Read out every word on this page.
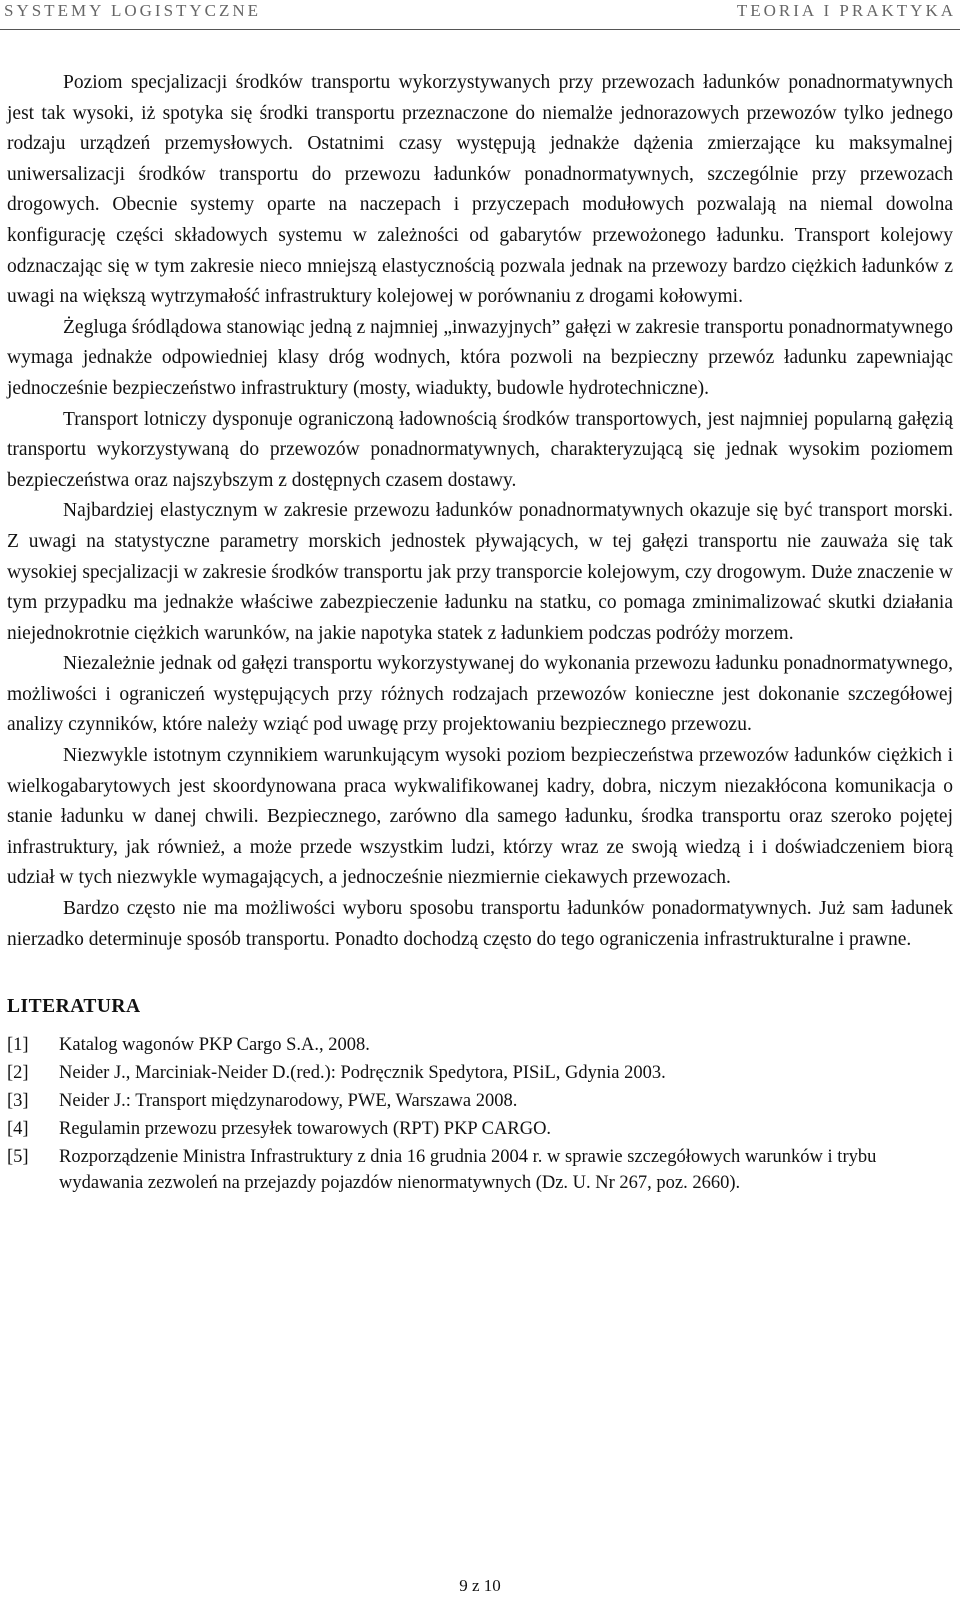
SYSTEMY LOGISTYCZNE	TEORIA I PRAKTYKA

Poziom specjalizacji środków transportu wykorzystywanych przy przewozach ładunków ponadnormatywnych jest tak wysoki, iż spotyka się środki transportu przeznaczone do niemalże jednorazowych przewozów tylko jednego rodzaju urządzeń przemysłowych. Ostatnimi czasy występują jednakże dążenia zmierzające ku maksymalnej uniwersalizacji środków transportu do przewozu ładunków ponadnormatywnych, szczególnie przy przewozach drogowych. Obecnie systemy oparte na naczepach i przyczepach modułowych pozwalają na niemal dowolna konfigurację części składowych systemu w zależności od gabarytów przewożonego ładunku. Transport kolejowy odznaczając się w tym zakresie nieco mniejszą elastycznością pozwala jednak na przewozy bardzo ciężkich ładunków z uwagi na większą wytrzymałość infrastruktury kolejowej w porównaniu z drogami kołowymi.

Żegluga śródlądowa stanowiąc jedną z najmniej „inwazyjnych” gałęzi w zakresie transportu ponadnormatywnego wymaga jednakże odpowiedniej klasy dróg wodnych, która pozwoli na bezpieczny przewóz ładunku zapewniając jednocześnie bezpieczeństwo infrastruktury (mosty, wiadukty, budowle hydrotechniczne).

Transport lotniczy dysponuje ograniczoną ładownością środków transportowych, jest najmniej popularną gałęzią transportu wykorzystywaną do przewozów ponadnormatywnych, charakteryzującą się jednak wysokim poziomem bezpieczeństwa oraz najszybszym z dostępnych czasem dostawy.

Najbardziej elastycznym w zakresie przewozu ładunków ponadnormatywnych okazuje się być transport morski. Z uwagi na statystyczne parametry morskich jednostek pływających, w tej gałęzi transportu nie zauważa się tak wysokiej specjalizacji w zakresie środków transportu jak przy transporcie kolejowym, czy drogowym. Duże znaczenie w tym przypadku ma jednakże właściwe zabezpieczenie ładunku na statku, co pomaga zminimalizować skutki działania niejednokrotnie ciężkich warunków, na jakie napotyka statek z ładunkiem podczas podróży morzem.

Niezależnie jednak od gałęzi transportu wykorzystywanej do wykonania przewozu ładunku ponadnormatywnego, możliwości i ograniczeń występujących przy różnych rodzajach przewozów konieczne jest dokonanie szczegółowej analizy czynników, które należy wziąć pod uwagę przy projektowaniu bezpiecznego przewozu.

Niezwykle istotnym czynnikiem warunkującym wysoki poziom bezpieczeństwa przewozów ładunków ciężkich i wielkogabarytowych jest skoordynowana praca wykwalifikowanej kadry, dobra, niczym niezakłócona komunikacja o stanie ładunku w danej chwili. Bezpiecznego, zarówno dla samego ładunku, środka transportu oraz szeroko pojętej infrastruktury, jak również, a może przede wszystkim ludzi, którzy wraz ze swoją wiedzą i i doświadczeniem biorą udział w tych niezwykle wymagających, a jednocześnie niezmiernie ciekawych przewozach.

Bardzo często nie ma możliwości wyboru sposobu transportu ładunków ponadormatywnych. Już sam ładunek nierzadko determinuje sposób transportu. Ponadto dochodzą często do tego ograniczenia infrastrukturalne i prawne.

LITERATURA
[1] Katalog wagonów PKP Cargo S.A., 2008.
[2] Neider J., Marciniak-Neider D.(red.): Podręcznik Spedytora, PISiL, Gdynia 2003.
[3] Neider J.: Transport międzynarodowy, PWE, Warszawa 2008.
[4] Regulamin przewozu przesyłek towarowych (RPT) PKP CARGO.
[5] Rozporządzenie Ministra Infrastruktury z dnia 16 grudnia 2004 r. w sprawie szczegółowych warunków i trybu wydawania zezwoleń na przejazdy pojazdów nienormatywnych (Dz. U. Nr 267, poz. 2660).
9 z 10
